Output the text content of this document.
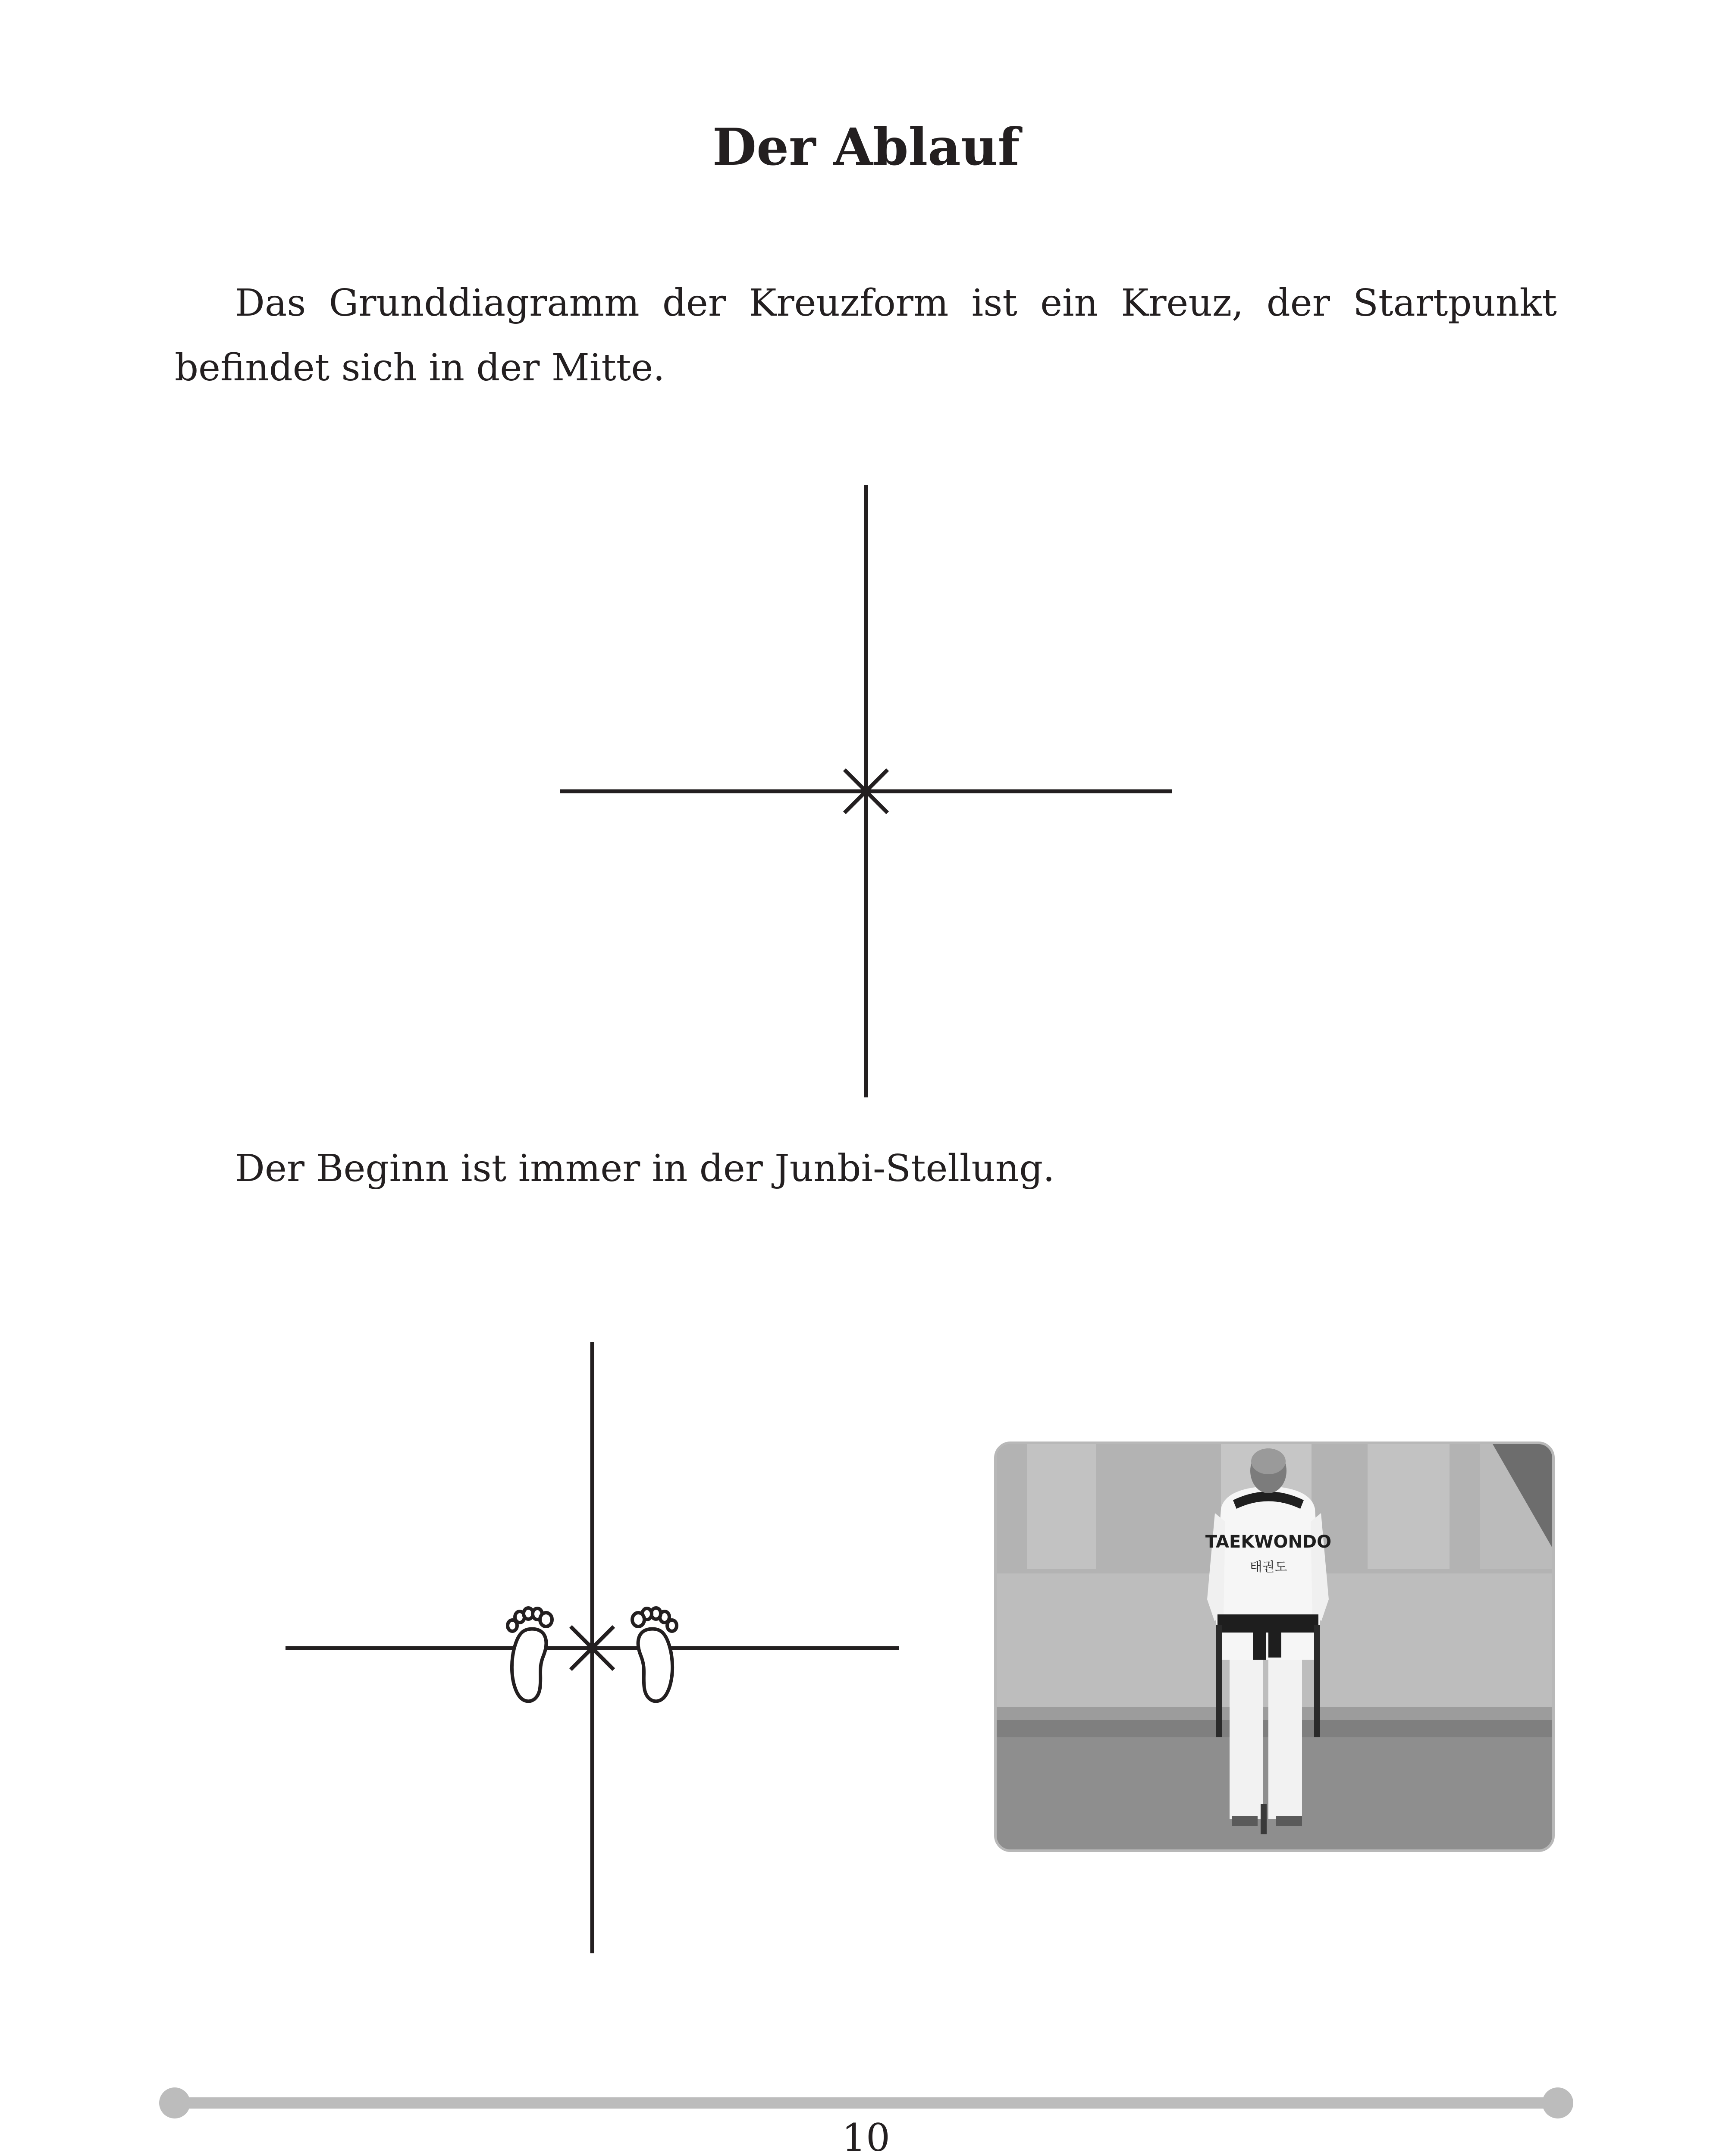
Der Ablauf

Das Grunddiagramm der Kreuzform ist ein Kreuz, der Startpunkt befindet sich in der Mitte.

Der Beginn ist immer in der Junbi-Stellung.

TAEKWONDO
태권도

10
